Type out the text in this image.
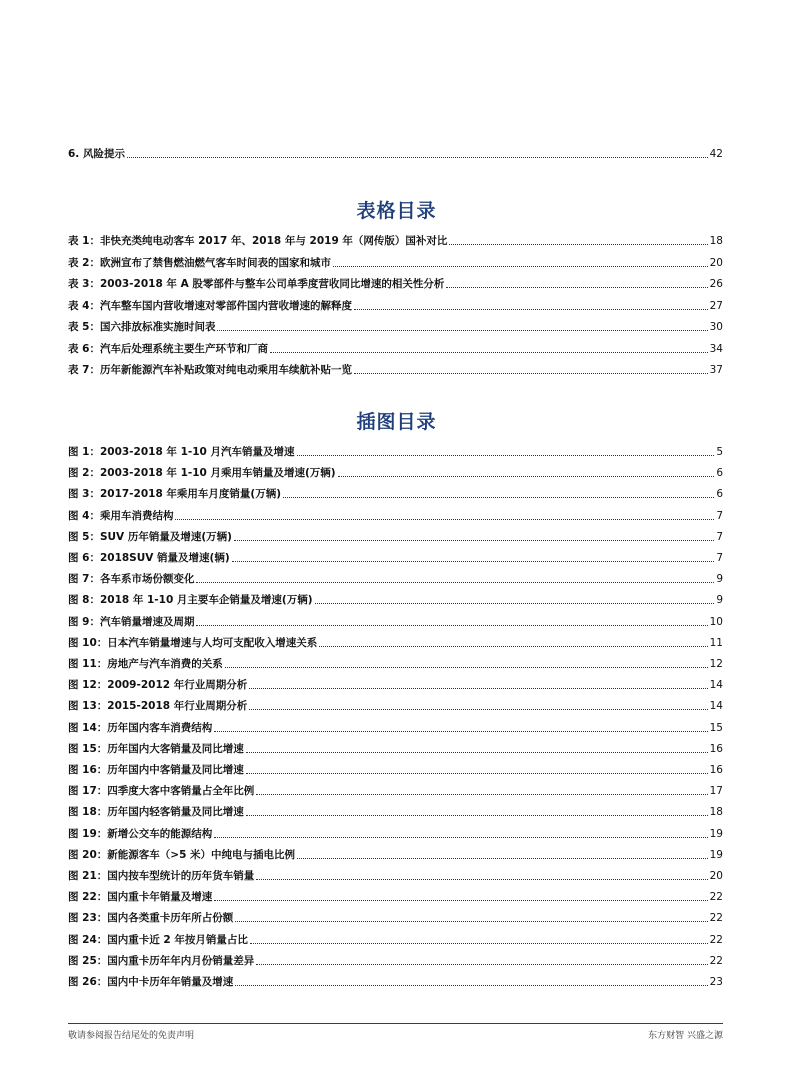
6. 风险提示	42
表格目录
表 1：非快充类纯电动客车 2017 年、2018 年与 2019 年（网传版）国补对比	18
表 2：欧洲宣布了禁售燃油燃气客车时间表的国家和城市	20
表 3：2003-2018 年 A 股零部件与整车公司单季度营收同比增速的相关性分析	26
表 4：汽车整车国内营收增速对零部件国内营收增速的解释度	27
表 5：国六排放标准实施时间表	30
表 6：汽车后处理系统主要生产环节和厂商	34
表 7：历年新能源汽车补贴政策对纯电动乘用车续航补贴一览	37
插图目录
图 1：2003-2018 年 1-10 月汽车销量及增速	5
图 2：2003-2018 年 1-10 月乘用车销量及增速(万辆)	6
图 3：2017-2018 年乘用车月度销量(万辆)	6
图 4：乘用车消费结构	7
图 5：SUV 历年销量及增速(万辆)	7
图 6：2018SUV 销量及增速(辆)	7
图 7：各车系市场份额变化	9
图 8：2018 年 1-10 月主要车企销量及增速(万辆)	9
图 9：汽车销量增速及周期	10
图 10：日本汽车销量增速与人均可支配收入增速关系	11
图 11：房地产与汽车消费的关系	12
图 12：2009-2012 年行业周期分析	14
图 13：2015-2018 年行业周期分析	14
图 14：历年国内客车消费结构	15
图 15：历年国内大客销量及同比增速	16
图 16：历年国内中客销量及同比增速	16
图 17：四季度大客中客销量占全年比例	17
图 18：历年国内轻客销量及同比增速	18
图 19：新增公交车的能源结构	19
图 20：新能源客车（>5 米）中纯电与插电比例	19
图 21：国内按车型统计的历年货车销量	20
图 22：国内重卡年销量及增速	22
图 23：国内各类重卡历年所占份额	22
图 24：国内重卡近 2 年按月销量占比	22
图 25：国内重卡历年年内月份销量差异	22
图 26：国内中卡历年年销量及增速	23
敬请参阅报告结尾处的免责声明	东方财智 兴盛之源
